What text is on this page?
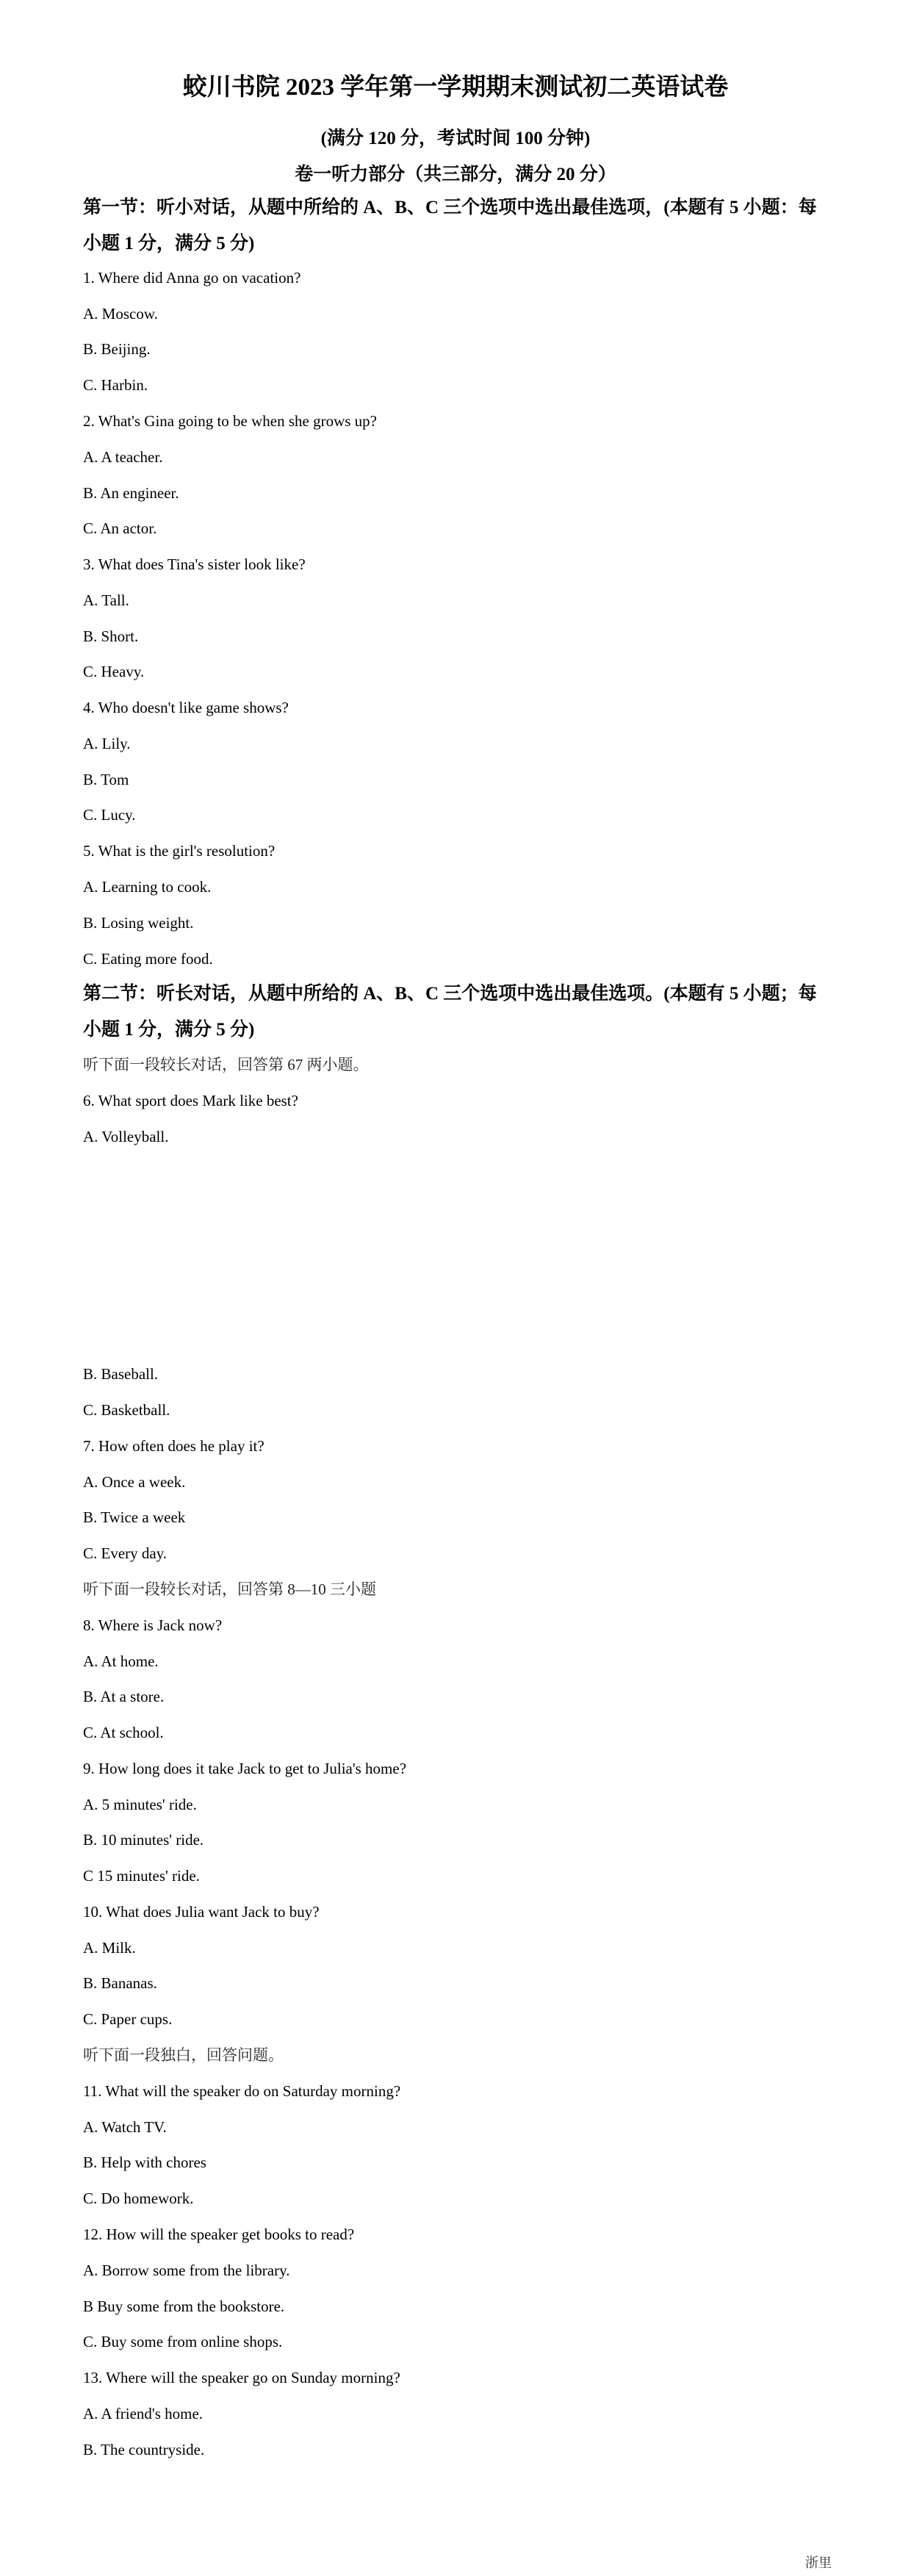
蛟川书院 2023 学年第一学期期末测试初二英语试卷
(满分 120 分，考试时间 100 分钟)
卷一听力部分（共三部分，满分 20 分）
第一节：听小对话，从题中所给的 A、B、C 三个选项中选出最佳选项，(本题有 5 小题：每小题 1 分，满分 5 分)
1. Where did Anna go on vacation?
A. Moscow.
B. Beijing.
C. Harbin.
2. What's Gina going to be when she grows up?
A. A teacher.
B. An engineer.
C. An actor.
3. What does Tina's sister look like?
A. Tall.
B. Short.
C. Heavy.
4. Who doesn't like game shows?
A. Lily.
B. Tom
C. Lucy.
5. What is the girl's resolution?
A. Learning to cook.
B. Losing weight.
C. Eating more food.
第二节：听长对话，从题中所给的 A、B、C 三个选项中选出最佳选项。(本题有 5 小题；每小题 1 分，满分 5 分)
听下面一段较长对话，回答第 67 两小题。
6. What sport does Mark like best?
A. Volleyball.
B. Baseball.
C. Basketball.
7. How often does he play it?
A. Once a week.
B. Twice a week
C. Every day.
听下面一段较长对话，回答第 8—10 三小题
8. Where is Jack now?
A. At home.
B. At a store.
C. At school.
9. How long does it take Jack to get to Julia's home?
A. 5 minutes' ride.
B. 10 minutes' ride.
C 15 minutes' ride.
10. What does Julia want Jack to buy?
A. Milk.
B. Bananas.
C. Paper cups.
听下面一段独白，回答问题。
11. What will the speaker do on Saturday morning?
A. Watch TV.
B. Help with chores
C. Do homework.
12. How will the speaker get books to read?
A. Borrow some from the library.
B Buy some from the bookstore.
C. Buy some from online shops.
13. Where will the speaker go on Sunday morning?
A. A friend's home.
B. The countryside.
浙里
